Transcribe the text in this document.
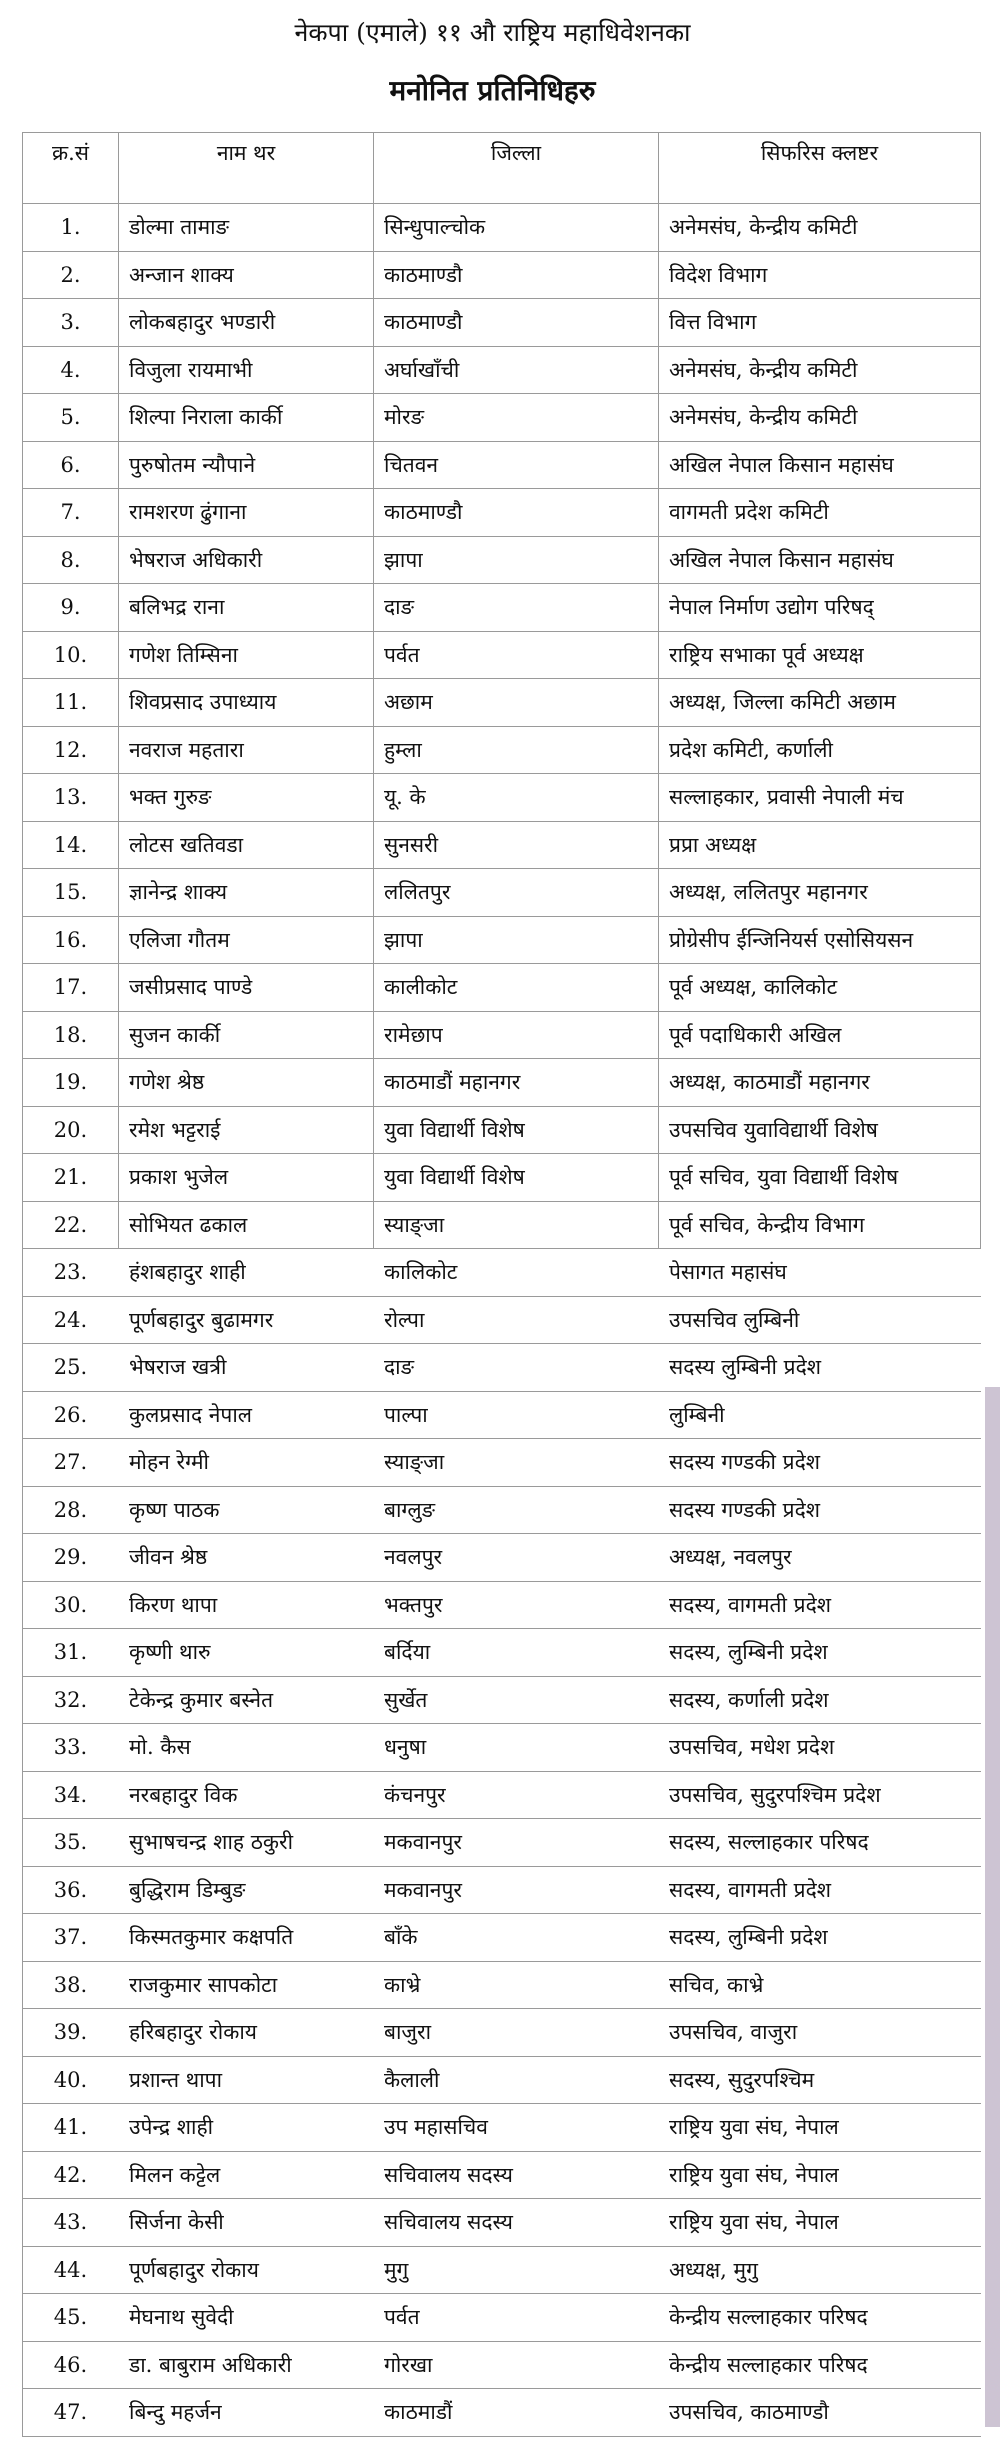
नेकपा (एमाले) ११ औ राष्ट्रिय महाधिवेशनका
मनोनित प्रतिनिधिहरु
क्र.सं	नाम थर	जिल्ला	सिफरिस क्लष्टर
1.	डोल्मा तामाङ	सिन्धुपाल्चोक	अनेमसंघ, केन्द्रीय कमिटी
2.	अन्जान शाक्य	काठमाण्डौ	विदेश विभाग
3.	लोकबहादुर भण्डारी	काठमाण्डौ	वित्त विभाग
4.	विजुला रायमाभी	अर्घाखाँची	अनेमसंघ, केन्द्रीय कमिटी
5.	शिल्पा निराला कार्की	मोरङ	अनेमसंघ, केन्द्रीय कमिटी
6.	पुरुषोतम न्यौपाने	चितवन	अखिल नेपाल किसान महासंघ
7.	रामशरण ढुंगाना	काठमाण्डौ	वागमती प्रदेश कमिटी
8.	भेषराज अधिकारी	झापा	अखिल नेपाल किसान महासंघ
9.	बलिभद्र राना	दाङ	नेपाल निर्माण उद्योग परिषद्
10.	गणेश तिम्सिना	पर्वत	राष्ट्रिय सभाका पूर्व अध्यक्ष
11.	शिवप्रसाद उपाध्याय	अछाम	अध्यक्ष, जिल्ला कमिटी अछाम
12.	नवराज महतारा	हुम्ला	प्रदेश कमिटी, कर्णाली
13.	भक्त गुरुङ	यू. के	सल्लाहकार, प्रवासी नेपाली मंच
14.	लोटस खतिवडा	सुनसरी	प्रप्रा अध्यक्ष
15.	ज्ञानेन्द्र शाक्य	ललितपुर	अध्यक्ष, ललितपुर महानगर
16.	एलिजा गौतम	झापा	प्रोग्रेसीप ईन्जिनियर्स एसोसियसन
17.	जसीप्रसाद पाण्डे	कालीकोट	पूर्व अध्यक्ष, कालिकोट
18.	सुजन कार्की	रामेछाप	पूर्व पदाधिकारी अखिल
19.	गणेश श्रेष्ठ	काठमाडौं महानगर	अध्यक्ष, काठमाडौं महानगर
20.	रमेश भट्टराई	युवा विद्यार्थी विशेष	उपसचिव युवाविद्यार्थी विशेष
21.	प्रकाश भुजेल	युवा विद्यार्थी विशेष	पूर्व सचिव, युवा विद्यार्थी विशेष
22.	सोभियत ढकाल	स्याङ्जा	पूर्व सचिव, केन्द्रीय विभाग
23.	हंशबहादुर शाही	कालिकोट	पेसागत महासंघ
24.	पूर्णबहादुर बुढामगर	रोल्पा	उपसचिव लुम्बिनी
25.	भेषराज खत्री	दाङ	सदस्य लुम्बिनी प्रदेश
26.	कुलप्रसाद नेपाल	पाल्पा	लुम्बिनी
27.	मोहन रेग्मी	स्याङ्जा	सदस्य गण्डकी प्रदेश
28.	कृष्ण पाठक	बाग्लुङ	सदस्य गण्डकी प्रदेश
29.	जीवन श्रेष्ठ	नवलपुर	अध्यक्ष, नवलपुर
30.	किरण थापा	भक्तपुर	सदस्य, वागमती प्रदेश
31.	कृष्णी थारु	बर्दिया	सदस्य, लुम्बिनी प्रदेश
32.	टेकेन्द्र कुमार बस्नेत	सुर्खेत	सदस्य, कर्णाली प्रदेश
33.	मो. कैस	धनुषा	उपसचिव, मधेश प्रदेश
34.	नरबहादुर विक	कंचनपुर	उपसचिव, सुदुरपश्चिम प्रदेश
35.	सुभाषचन्द्र शाह ठकुरी	मकवानपुर	सदस्य, सल्लाहकार परिषद
36.	बुद्धिराम डिम्बुङ	मकवानपुर	सदस्य, वागमती प्रदेश
37.	किस्मतकुमार कक्षपति	बाँके	सदस्य, लुम्बिनी प्रदेश
38.	राजकुमार सापकोटा	काभ्रे	सचिव, काभ्रे
39.	हरिबहादुर रोकाय	बाजुरा	उपसचिव, वाजुरा
40.	प्रशान्त थापा	कैलाली	सदस्य, सुदुरपश्चिम
41.	उपेन्द्र शाही	उप महासचिव	राष्ट्रिय युवा संघ, नेपाल
42.	मिलन कट्टेल	सचिवालय सदस्य	राष्ट्रिय युवा संघ, नेपाल
43.	सिर्जना केसी	सचिवालय सदस्य	राष्ट्रिय युवा संघ, नेपाल
44.	पूर्णबहादुर रोकाय	मुगु	अध्यक्ष, मुगु
45.	मेघनाथ सुवेदी	पर्वत	केन्द्रीय सल्लाहकार परिषद
46.	डा. बाबुराम अधिकारी	गोरखा	केन्द्रीय सल्लाहकार परिषद
47.	बिन्दु महर्जन	काठमाडौं	उपसचिव, काठमाण्डौ
